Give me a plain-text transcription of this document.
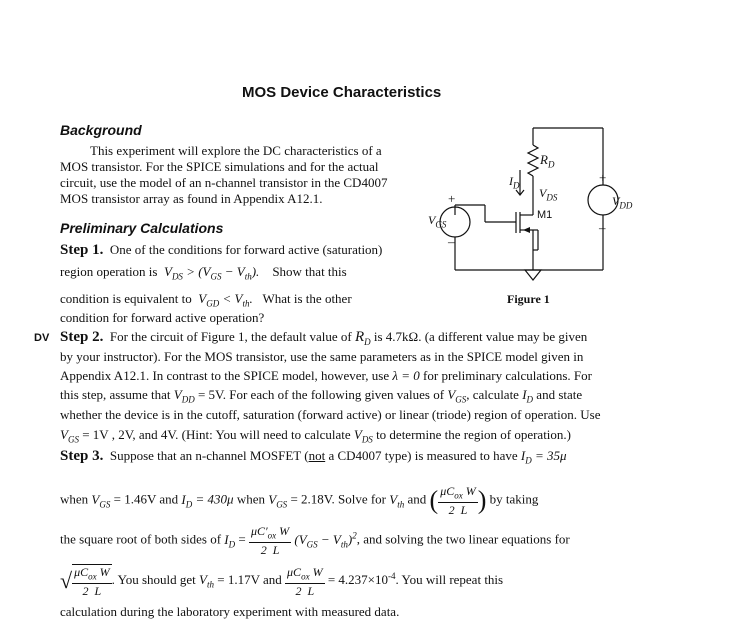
MOS Device Characteristics
Background
This experiment will explore the DC characteristics of a
MOS transistor. For the SPICE simulations and for the actual
circuit, use the model of an n-channel transistor in the CD4007
MOS transistor array as found in Appendix A12.1.
Preliminary Calculations
Step 1. One of the conditions for forward active (saturation)
region operation is $V_{DS} > (V_{GS} - V_{th})$. Show that this
condition is equivalent to $V_{GD} < V_{th}$. What is the other
condition for forward active operation?
DV Step 2. For the circuit of Figure 1, the default value of $R_D$ is 4.7kΩ. (a different value may be given
by your instructor). For the MOS transistor, use the same parameters as in the SPICE model given in
Appendix A12.1. In contrast to the SPICE model, however, use λ = 0 for preliminary calculations. For
this step, assume that $V_{DD} = 5V$. For each of the following given values of $V_{GS}$, calculate $I_D$ and state
whether the device is in the cutoff, saturation (forward active) or linear (triode) region of operation. Use
$V_{GS} = 1V$ , 2V, and 4V. (Hint: You will need to calculate $V_{DS}$ to determine the region of operation.)
Step 3. Suppose that an n-channel MOSFET (not a CD4007 type) is measured to have $I_D = 35\mu$
when $V_{GS} = 1.46V$ and $I_D = 430\mu$ when $V_{GS} = 2.18V$. Solve for $V_{th}$ and ( $\frac{\mu C_{ox} W}{2 L}$ ) by taking
the square root of both sides of $I_D = \frac{\mu C'_{ox} W}{2 L} (V_{GS} - V_{th})^2$, and solving the two linear equations for
√ $\frac{\mu C_{ox} W}{2 L}$ . You should get $V_{th} = 1.17V$ and $\frac{\mu C_{ox} W}{2 L} = 4.237\times 10^{-4}$. You will repeat this
calculation during the laboratory experiment with measured data.
$R_D$
$I_D$
$V_{DS}$
M1
$V_{GS}$
$V_{DD}$
+
–
+
–
Figure 1
